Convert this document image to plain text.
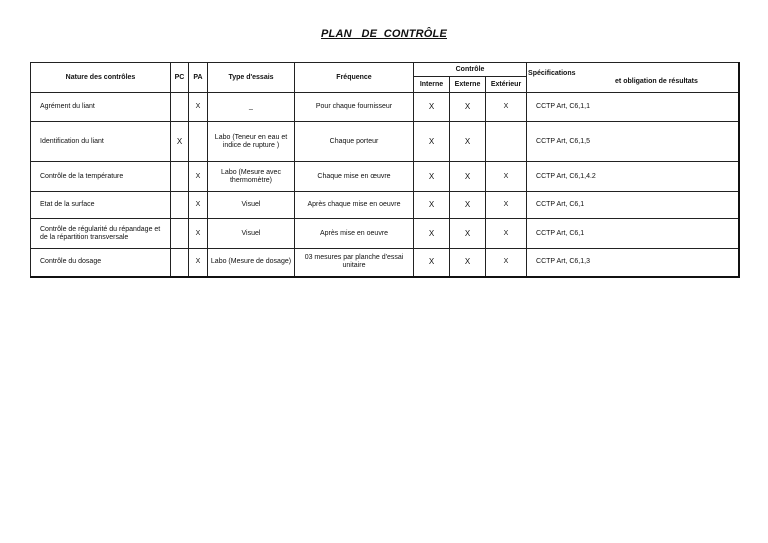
PLAN   DE  CONTRÔLE
Nature des contrôles	PC	PA	Type d'essais	Fréquence	Contrôle			Spécifications
et obligation de résultats

					Interne	Externe	Extérieur	
Agrément du liant		X	_	Pour chaque fournisseur	X	X	X	CCTP Art, C6,1,1
Identification du liant	X		Labo (Teneur en eau et indice de rupture )	Chaque porteur	X	X		CCTP Art, C6,1,5
Contrôle de la température		X	Labo (Mesure avec thermomètre)	Chaque mise en œuvre	X	X	X	CCTP Art, C6,1,4.2
Etat de la surface		X	Visuel	Après chaque mise en oeuvre	X	X	X	CCTP Art, C6,1
Contrôle de régularité du répandage et de la répartition transversale		X	Visuel	Après mise en oeuvre	X	X	X	CCTP Art, C6,1
Contrôle du dosage		X	Labo (Mesure de dosage)	03 mesures par planche d'essai unitaire	X	X	X	CCTP Art, C6,1,3
